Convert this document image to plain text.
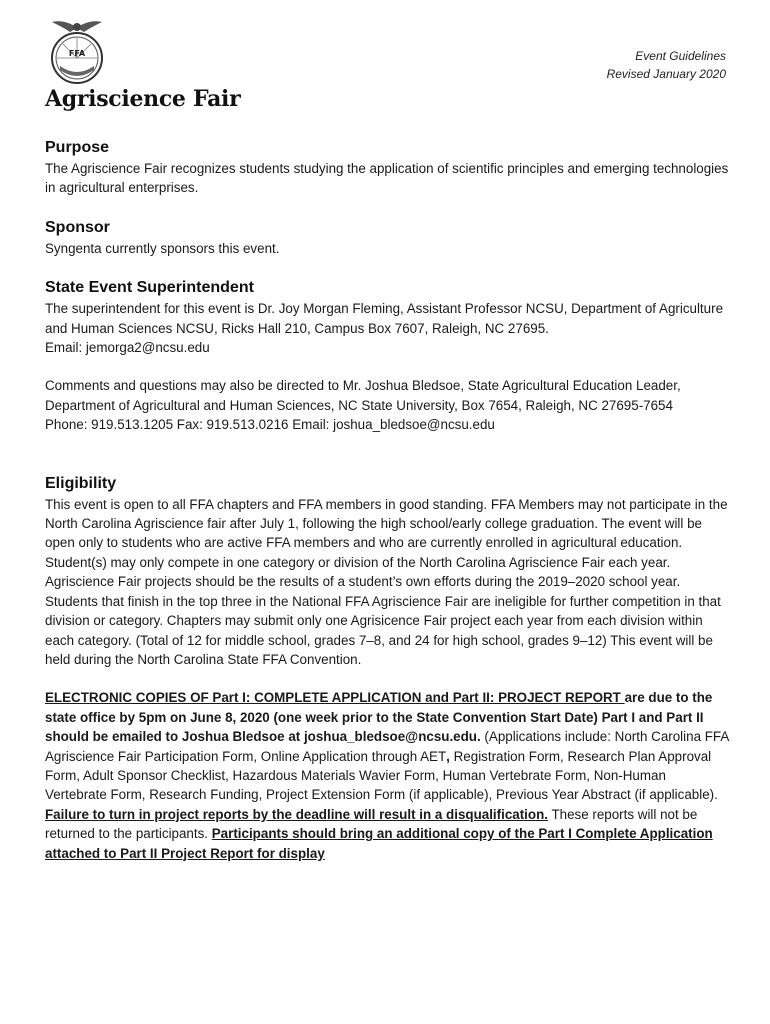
FFA	Event Guidelines
Revised January 2020
Agriscience Fair
Purpose

The Agriscience Fair recognizes students studying the application of scientific principles and emerging technologies in agricultural enterprises.

Sponsor

Syngenta currently sponsors this event.

State Event Superintendent

The superintendent for this event is Dr. Joy Morgan Fleming, Assistant Professor NCSU, Department of Agriculture and Human Sciences NCSU, Ricks Hall 210, Campus Box 7607, Raleigh, NC 27695.

Email: jemorga2@ncsu.edu

Comments and questions may also be directed to Mr. Joshua Bledsoe, State Agricultural Education Leader, Department of Agricultural and Human Sciences, NC State University, Box 7654, Raleigh, NC 27695-7654

Phone: 919.513.1205 Fax: 919.513.0216 Email: joshua_bledsoe@ncsu.edu

Eligibility

This event is open to all FFA chapters and FFA members in good standing. FFA Members may not participate in the North Carolina Agriscience fair after July 1, following the high school/early college graduation. The event will be open only to students who are active FFA members and who are currently enrolled in agricultural education. Student(s) may only compete in one category or division of the North Carolina Agriscience Fair each year. Agriscience Fair projects should be the results of a student’s own efforts during the 2019–2020 school year. Students that finish in the top three in the National FFA Agriscience Fair are ineligible for further competition in that division or category. Chapters may submit only one Agrisicence Fair project each year from each division within each category. (Total of 12 for middle school, grades 7–8, and 24 for high school, grades 9–12) This event will be held during the North Carolina State FFA Convention.

ELECTRONIC COPIES OF Part I: COMPLETE APPLICATION and Part II: PROJECT REPORT are due to the state office by 5pm on June 8, 2020 (one week prior to the State Convention Start Date) Part I and Part II should be emailed to Joshua Bledsoe at joshua_bledsoe@ncsu.edu. (Applications include: North Carolina FFA Agriscience Fair Participation Form, Online Application through AET, Registration Form, Research Plan Approval Form, Adult Sponsor Checklist, Hazardous Materials Wavier Form, Human Vertebrate Form, Non-Human Vertebrate Form, Research Funding, Project Extension Form (if applicable), Previous Year Abstract (if applicable). Failure to turn in project reports by the deadline will result in a disqualification. These reports will not be returned to the participants. Participants should bring an additional copy of the Part I Complete Application attached to Part II Project Report for display
